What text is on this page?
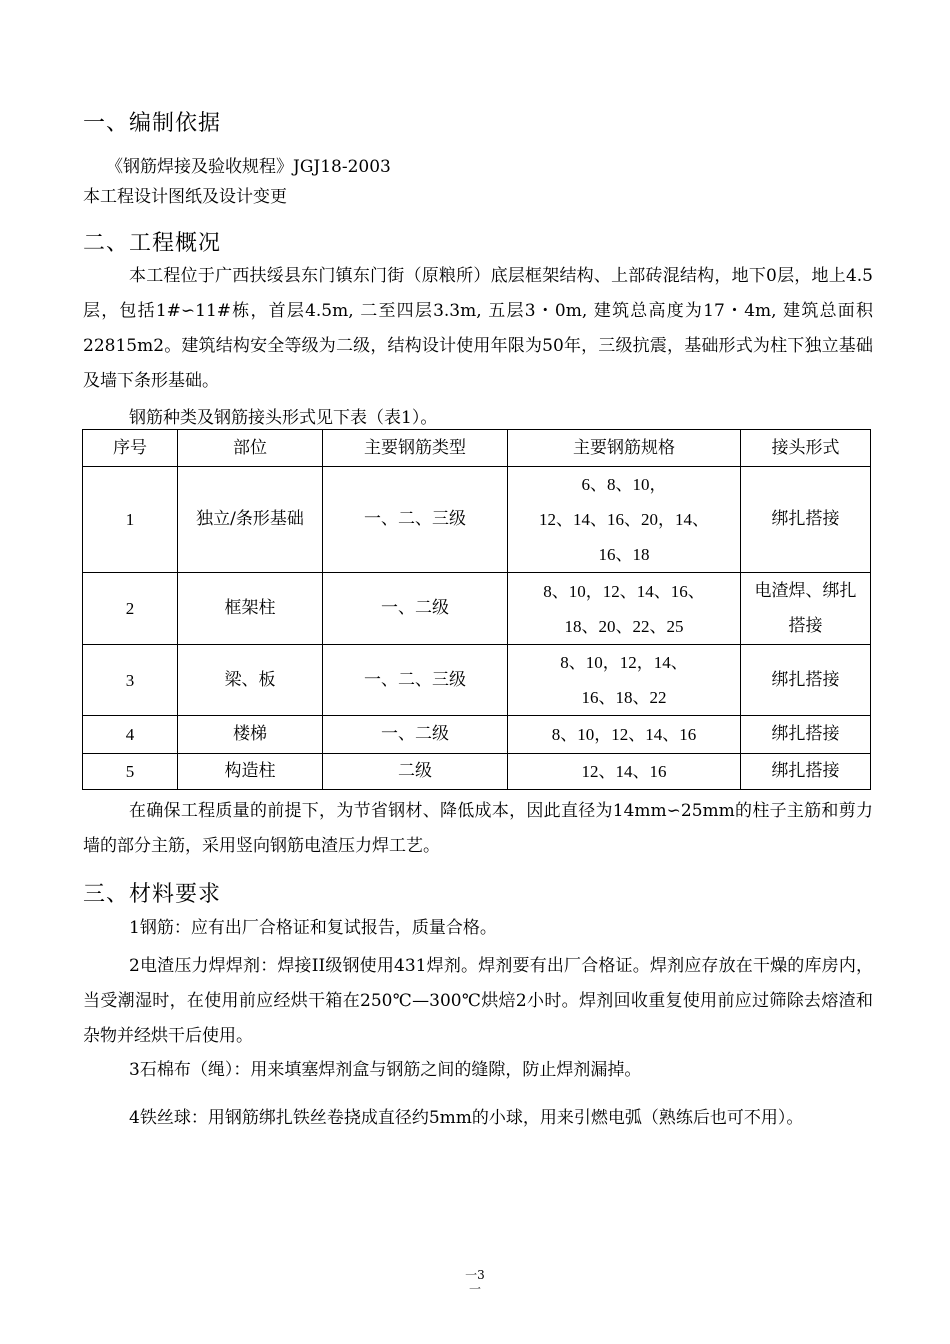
一、编制依据
《钢筋焊接及验收规程》JGJ18-2003
本工程设计图纸及设计变更
二、工程概况
本工程位于广西扶绥县东门镇东门街（原粮所）底层框架结构、上部砖混结构，地下0层，地上4.5层，包括1#∽11#栋，首层4.5m, 二至四层3.3m, 五层3・0m, 建筑总高度为17・4m, 建筑总面积22815m2。建筑结构安全等级为二级，结构设计使用年限为50年，三级抗震，基础形式为柱下独立基础及墙下条形基础。
钢筋种类及钢筋接头形式见下表（表1）。
序号	部位	主要钢筋类型	主要钢筋规格	接头形式
1	独立/条形基础	一、二、三级	6、8、10，
12、14、16、20，14、
16、18	绑扎搭接
2	框架柱	一、二级	8、10，12、14、16、
18、20、22、25	电渣焊、绑扎搭接
3	梁、板	一、二、三级	8、10，12，14、
16、18、22	绑扎搭接
4	楼梯	一、二级	8、10，12、14、16	绑扎搭接
5	构造柱	二级	12、14、16	绑扎搭接
在确保工程质量的前提下，为节省钢材、降低成本，因此直径为14mm∽25mm的柱子主筋和剪力墙的部分主筋，采用竖向钢筋电渣压力焊工艺。
三、材料要求
1钢筋：应有出厂合格证和复试报告，质量合格。
2电渣压力焊焊剂：焊接II级钢使用431焊剂。焊剂要有出厂合格证。焊剂应存放在干燥的库房内，当受潮湿时，在使用前应经烘干箱在250℃—300℃烘焙2小时。焊剂回收重复使用前应过筛除去熔渣和杂物并经烘干后使用。
3石棉布（绳）：用来填塞焊剂盒与钢筋之间的缝隙，防止焊剂漏掉。
4铁丝球：用钢筋绑扎铁丝卷挠成直径约5mm的小球，用来引燃电弧（熟练后也可不用）。
一3
一
